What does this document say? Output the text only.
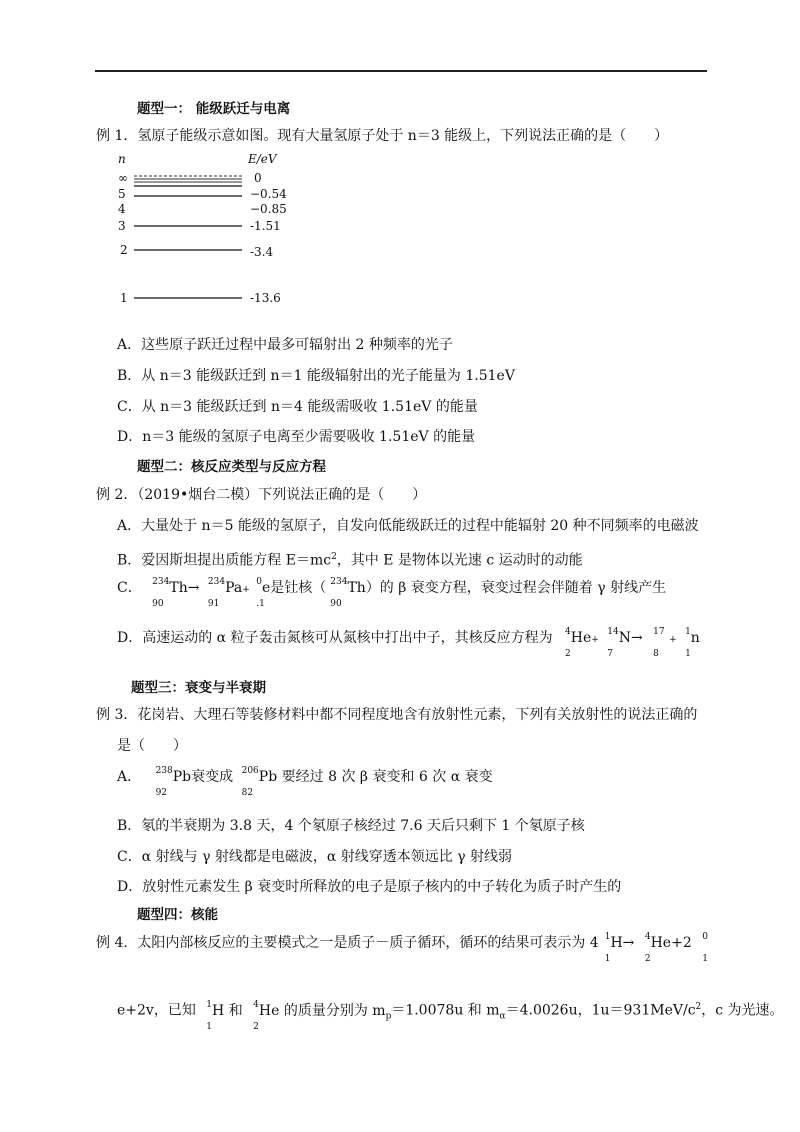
题型一： 能级跃迁与电离
例 1．氢原子能级示意如图。现有大量氢原子处于 n＝3 能级上，下列说法正确的是（　　）
n	E/eV
∞	0
5	−0.54
4	−0.85
3	-1.51
2	-3.4
1	-13.6
A．这些原子跃迁过程中最多可辐射出 2 种频率的光子
B．从 n＝3 能级跃迁到 n＝1 能级辐射出的光子能量为 1.51eV
C．从 n＝3 能级跃迁到 n＝4 能级需吸收 1.51eV 的能量
D．n＝3 能级的氢原子电离至少需要吸收 1.51eV 的能量
题型二：核反应类型与反应方程
例 2．（2019•烟台二模）下列说法正确的是（　　）
A．大量处于 n＝5 能级的氢原子，自发向低能级跃迁的过程中能辐射 20 种不同频率的电磁波
B．爱因斯坦提出质能方程 $E=mc^2$，其中 E 是物体以光速 c 运动时的动能
C． $^{234}$Th
90
→ $^{234}$Pa
91
+ $^0$e
.1
是钍核（ $^{234}$Th
90
）的 β 衰变方程，衰变过程会伴随着 γ 射线产生
D．高速运动的 α 粒子轰击氮核可从氮核中打出中子，其核反应方程为 $^4$He
2
+ $^{14}$N
7
→ $^{17}$
8
+ $^1$n
1
题型三：衰变与半衰期
例 3．花岗岩、大理石等装修材料中都不同程度地含有放射性元素，下列有关放射性的说法正确的
是（　　）
A． $^{238}$Pb
92
衰变成 $^{206}$Pb
82
要经过 8 次 β 衰变和 6 次 α 衰变
B．氡的半衰期为 3.8 天，4 个氡原子核经过 7.6 天后只剩下 1 个氡原子核
C．α 射线与 γ 射线都是电磁波，α 射线穿透本领远比 γ 射线弱
D．放射性元素发生 β 衰变时所释放的电子是原子核内的中子转化为质子时产生的
题型四：核能
例 4．太阳内部核反应的主要模式之一是质子－质子循环，循环的结果可表示为 4 $^1$H
1
→ $^4$He+2
2
$^0$
1
e+2v，已知 $^1$H 和
1
$^4$He 的质量分别为 m
2
$_p$＝1.0078u 和 $m_\alpha=4.0026u$，$1u=931MeV/c^2$，c 为光速。
